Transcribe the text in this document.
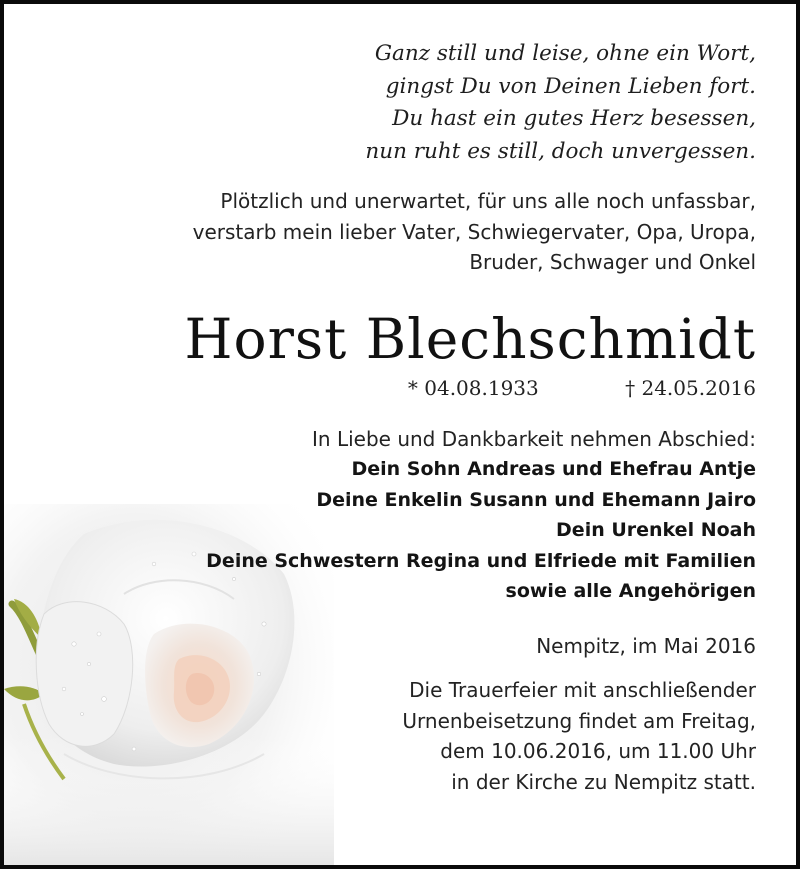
Ganz still und leise, ohne ein Wort,

gingst Du von Deinen Lieben fort.

Du hast ein gutes Herz besessen,

nun ruht es still, doch unvergessen.

Plötzlich und unerwartet, für uns alle noch unfassbar,

verstarb mein lieber Vater, Schwiegervater, Opa, Uropa,

Bruder, Schwager und Onkel

Horst Blechschmidt
* 04.08.1933	† 24.05.2016

In Liebe und Dankbarkeit nehmen Abschied:

Dein Sohn Andreas und Ehefrau Antje

Deine Enkelin Susann und Ehemann Jairo

Dein Urenkel Noah

Deine Schwestern Regina und Elfriede mit Familien

sowie alle Angehörigen

Nempitz, im Mai 2016

Die Trauerfeier mit anschließender

Urnenbeisetzung findet am Freitag,

dem 10.06.2016, um 11.00 Uhr

in der Kirche zu Nempitz statt.
